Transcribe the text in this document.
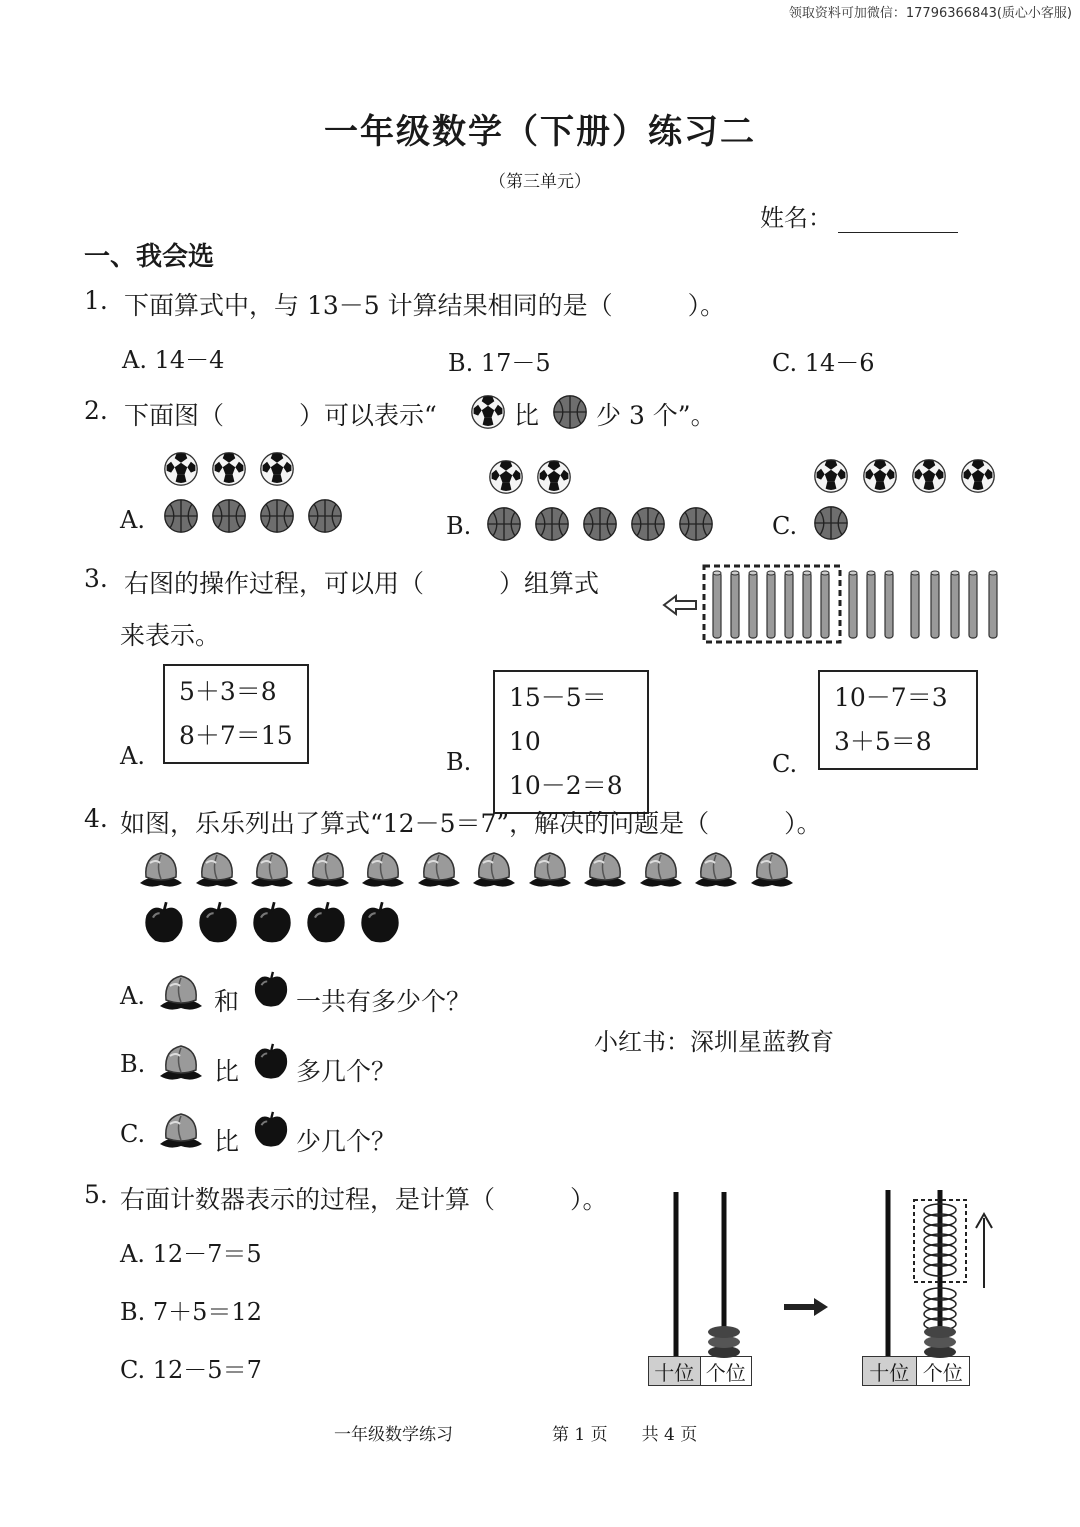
领取资料可加微信：17796366843(质心小客服)
一年级数学（下册）练习二
（第三单元）
姓名：
一、我会选
1. 下面算式中，与 13－5 计算结果相同的是（　　　）。
A. 14－4	B. 17－5	C. 14－6
2. 下面图（　　　）可以表示“	比 少 3 个”。
A.	B.	C.
3. 右图的操作过程，可以用（　　　）组算式
来表示。
A.	B.	C.
5＋3＝8
8＋7＝15
15－5＝10
10－2＝8
10－7＝3
3＋5＝8
4. 如图，乐乐列出了算式“12－5＝7”，解决的问题是（　　　）。
A.	和 一共有多少个？
小红书：深圳星蓝教育
B.	比 多几个？
C.	比 少几个？
5. 右面计数器表示的过程，是计算（　　　）。
A. 12－7＝5
B. 7＋5＝12
C. 12－5＝7	十位 个位	十位 个位
一年级数学练习	第 1 页　　共 4 页
